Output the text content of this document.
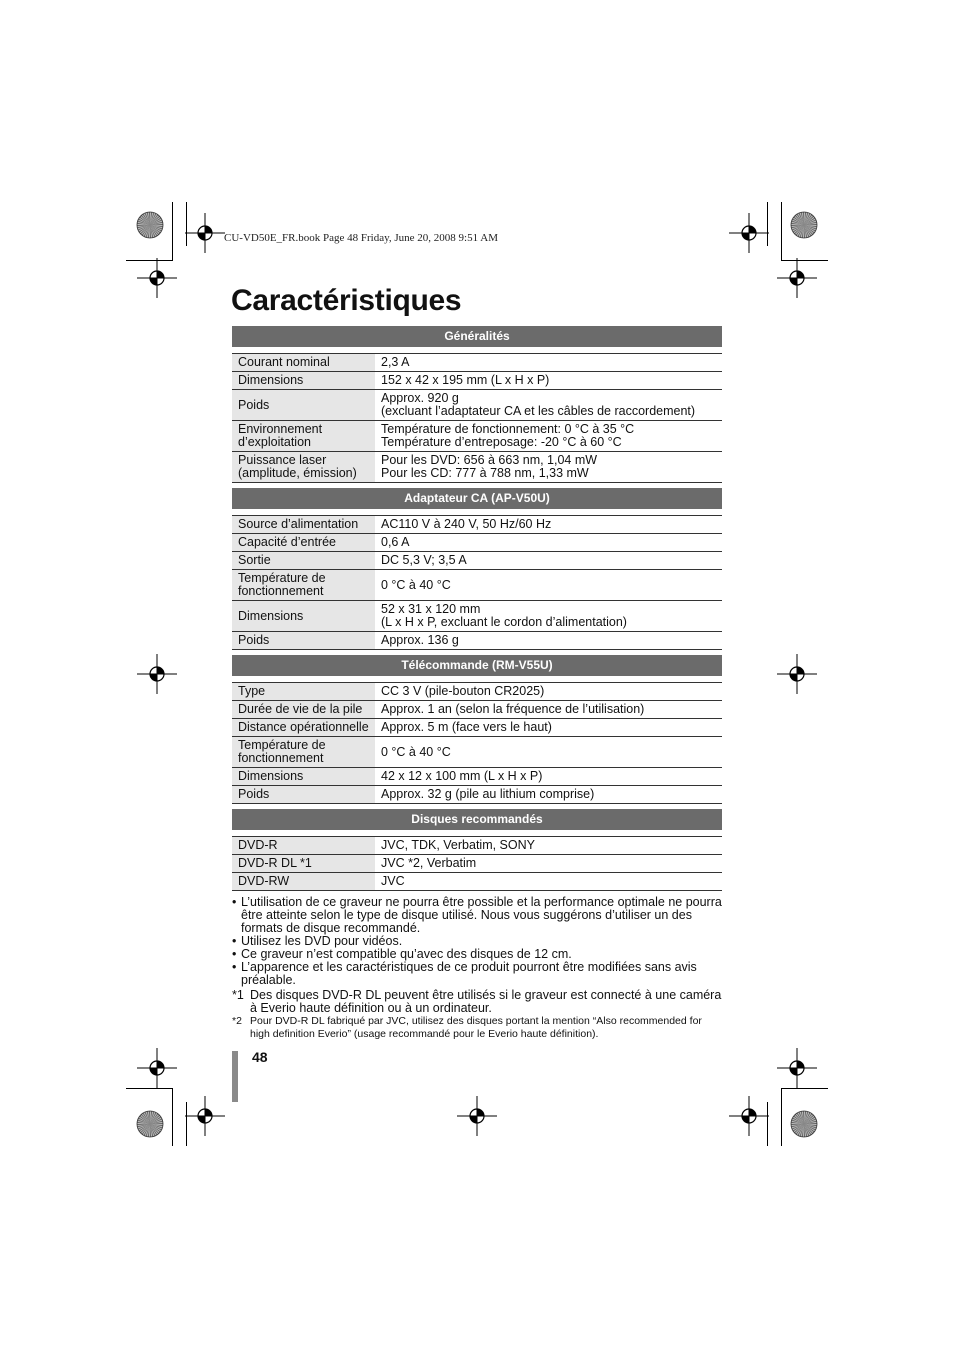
CU-VD50E_FR.book Page 48 Friday, June 20, 2008 9:51 AM
Caractéristiques
Généralités
Courant nominal	2,3 A
Dimensions	152 x 42 x 195 mm (L x H x P)
Poids	Approx. 920 g
(excluant l’adaptateur CA et les câbles de raccordement)
Environnement
d’exploitation	Température de fonctionnement: 0 °C à 35 °C
Température d’entreposage: -20 °C à 60 °C
Puissance laser
(amplitude, émission)	Pour les DVD: 656 à 663 nm, 1,04 mW
Pour les CD: 777 à 788 nm, 1,33 mW
Adaptateur CA (AP-V50U)
Source d’alimentation	AC110 V à 240 V, 50 Hz/60 Hz
Capacité d’entrée	0,6 A
Sortie	DC 5,3 V; 3,5 A
Température de
fonctionnement	0 °C à 40 °C
Dimensions	52 x 31 x 120 mm
(L x H x P, excluant le cordon d’alimentation)
Poids	Approx. 136 g
Télécommande (RM-V55U)
Type	CC 3 V (pile-bouton CR2025)
Durée de vie de la pile	Approx. 1 an (selon la fréquence de l’utilisation)
Distance opérationnelle	Approx. 5 m (face vers le haut)
Température de
fonctionnement	0 °C à 40 °C
Dimensions	42 x 12 x 100 mm (L x H x P)
Poids	Approx. 32 g (pile au lithium comprise)
Disques recommandés
DVD-R	JVC, TDK, Verbatim, SONY
DVD-R DL *1	JVC *2, Verbatim
DVD-RW	JVC
• L’utilisation de ce graveur ne pourra être possible et la performance optimale ne pourra être atteinte selon le type de disque utilisé. Nous vous suggérons d’utiliser un des formats de disque recommandé.
• Utilisez les DVD pour vidéos.
• Ce graveur n’est compatible qu’avec des disques de 12 cm.
• L’apparence et les caractéristiques de ce produit pourront être modifiées sans avis préalable.
*1 Des disques DVD-R DL peuvent être utilisés si le graveur est connecté à une caméra à Everio haute définition ou à un ordinateur.
*2 Pour DVD-R DL fabriqué par JVC, utilisez des disques portant la mention “Also recommended for high definition Everio” (usage recommandé pour le Everio haute définition).
48
